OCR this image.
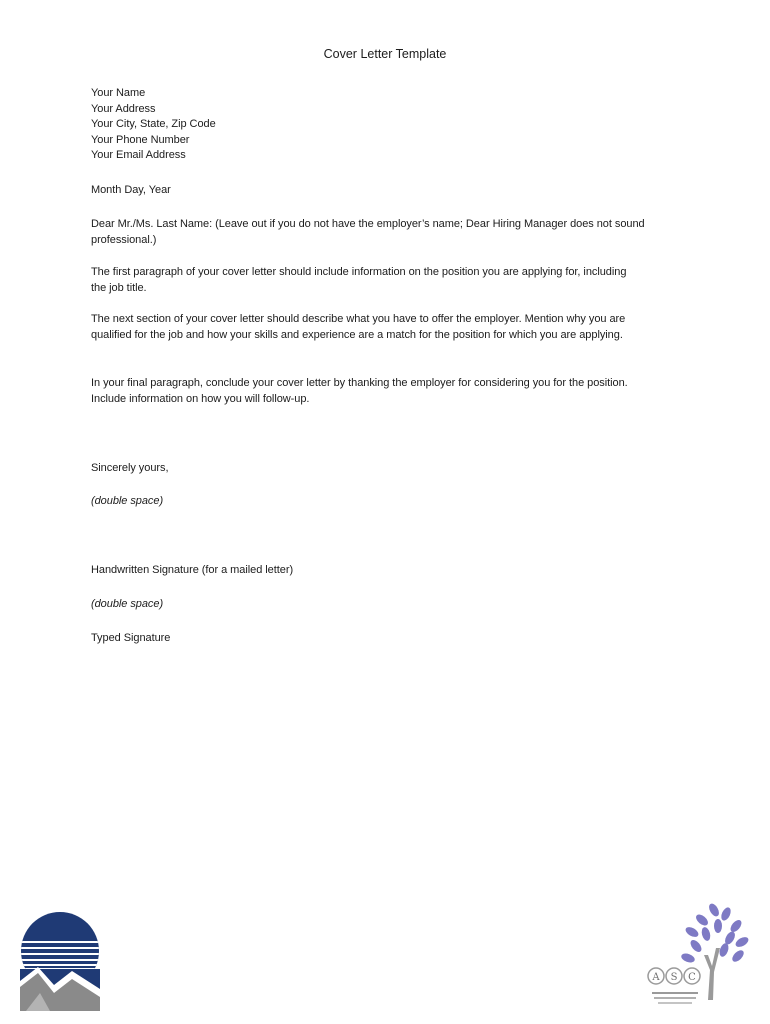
Cover Letter Template
Your Name
Your Address
Your City, State, Zip Code
Your Phone Number
Your Email Address
Month Day, Year
Dear Mr./Ms. Last Name: (Leave out if you do not have the employer’s name; Dear Hiring Manager does not sound
professional.)
The first paragraph of your cover letter should include information on the position you are applying for, including
the job title.
The next section of your cover letter should describe what you have to offer the employer. Mention why you are
qualified for the job and how your skills and experience are a match for the position for which you are applying.
In your final paragraph, conclude your cover letter by thanking the employer for considering you for the position.
Include information on how you will follow-up.
Sincerely yours,
(double space)
Handwritten Signature (for a mailed letter)
(double space)
Typed Signature
A S C
